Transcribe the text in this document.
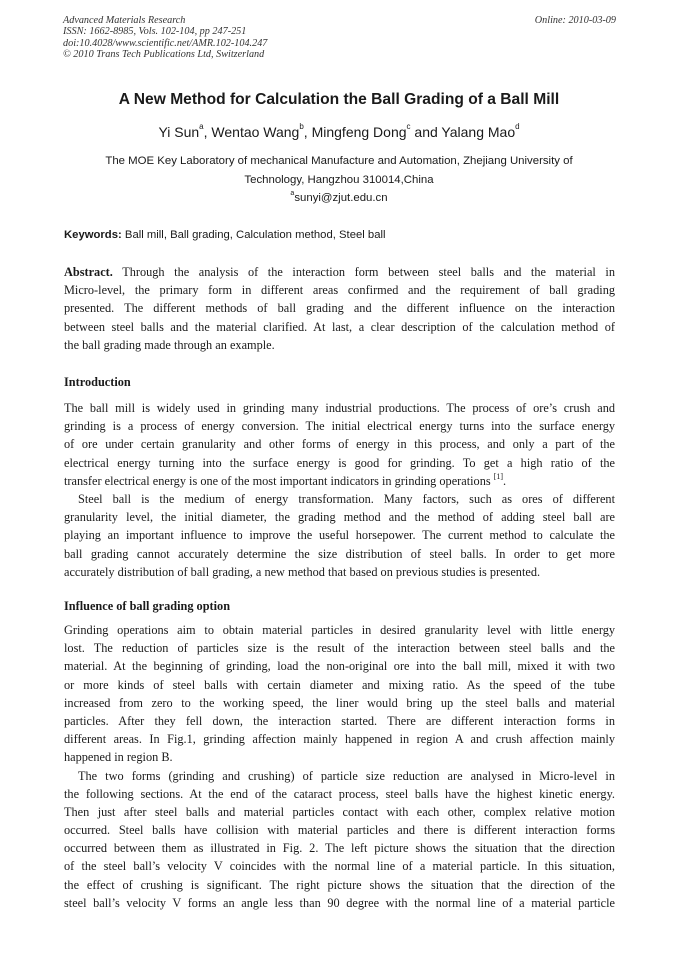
Advanced Materials Research	Online: 2010-03-09
ISSN: 1662-8985, Vols. 102-104, pp 247-251
doi:10.4028/www.scientific.net/AMR.102-104.247
© 2010 Trans Tech Publications Ltd, Switzerland
A New Method for Calculation the Ball Grading of a Ball Mill
Yi Sun$^a$, Wentao Wang$^b$, Mingfeng Dong$^c$ and Yalang Mao$^d$
The MOE Key Laboratory of mechanical Manufacture and Automation, Zhejiang University of
Technology, Hangzhou 310014,China
$^a$sunyi@zjut.edu.cn
Keywords: Ball mill, Ball grading, Calculation method, Steel ball
Abstract. Through the analysis of the interaction form between steel balls and the material in
Micro-level, the primary form in different areas confirmed and the requirement of ball grading
presented. The different methods of ball grading and the different influence on the interaction
between steel balls and the material clarified. At last, a clear description of the calculation method of
the ball grading made through an example.
Introduction
The ball mill is widely used in grinding many industrial productions. The process of ore’s crush and
grinding is a process of energy conversion. The initial electrical energy turns into the surface energy
of ore under certain granularity and other forms of energy in this process, and only a part of the
electrical energy turning into the surface energy is good for grinding. To get a high ratio of the
transfer electrical energy is one of the most important indicators in grinding operations [1].
Steel ball is the medium of energy transformation. Many factors, such as ores of different
granularity level, the initial diameter, the grading method and the method of adding steel ball are
playing an important influence to improve the useful horsepower. The current method to calculate the
ball grading cannot accurately determine the size distribution of steel balls. In order to get more
accurately distribution of ball grading, a new method that based on previous studies is presented.
Influence of ball grading option
Grinding operations aim to obtain material particles in desired granularity level with little energy
lost. The reduction of particles size is the result of the interaction between steel balls and the
material. At the beginning of grinding, load the non-original ore into the ball mill, mixed it with two
or more kinds of steel balls with certain diameter and mixing ratio. As the speed of the tube
increased from zero to the working speed, the liner would bring up the steel balls and material
particles. After they fell down, the interaction started. There are different interaction forms in
different areas. In Fig.1, grinding affection mainly happened in region A and crush affection mainly
happened in region B.
The two forms (grinding and crushing) of particle size reduction are analysed in Micro-level in
the following sections. At the end of the cataract process, steel balls have the highest kinetic energy.
Then just after steel balls and material particles contact with each other, complex relative motion
occurred. Steel balls have collision with material particles and there is different interaction forms
occurred between them as illustrated in Fig. 2. The left picture shows the situation that the direction
of the steel ball’s velocity V coincides with the normal line of a material particle. In this situation,
the effect of crushing is significant. The right picture shows the situation that the direction of the
steel ball’s velocity V forms an angle less than 90 degree with the normal line of a material particle
